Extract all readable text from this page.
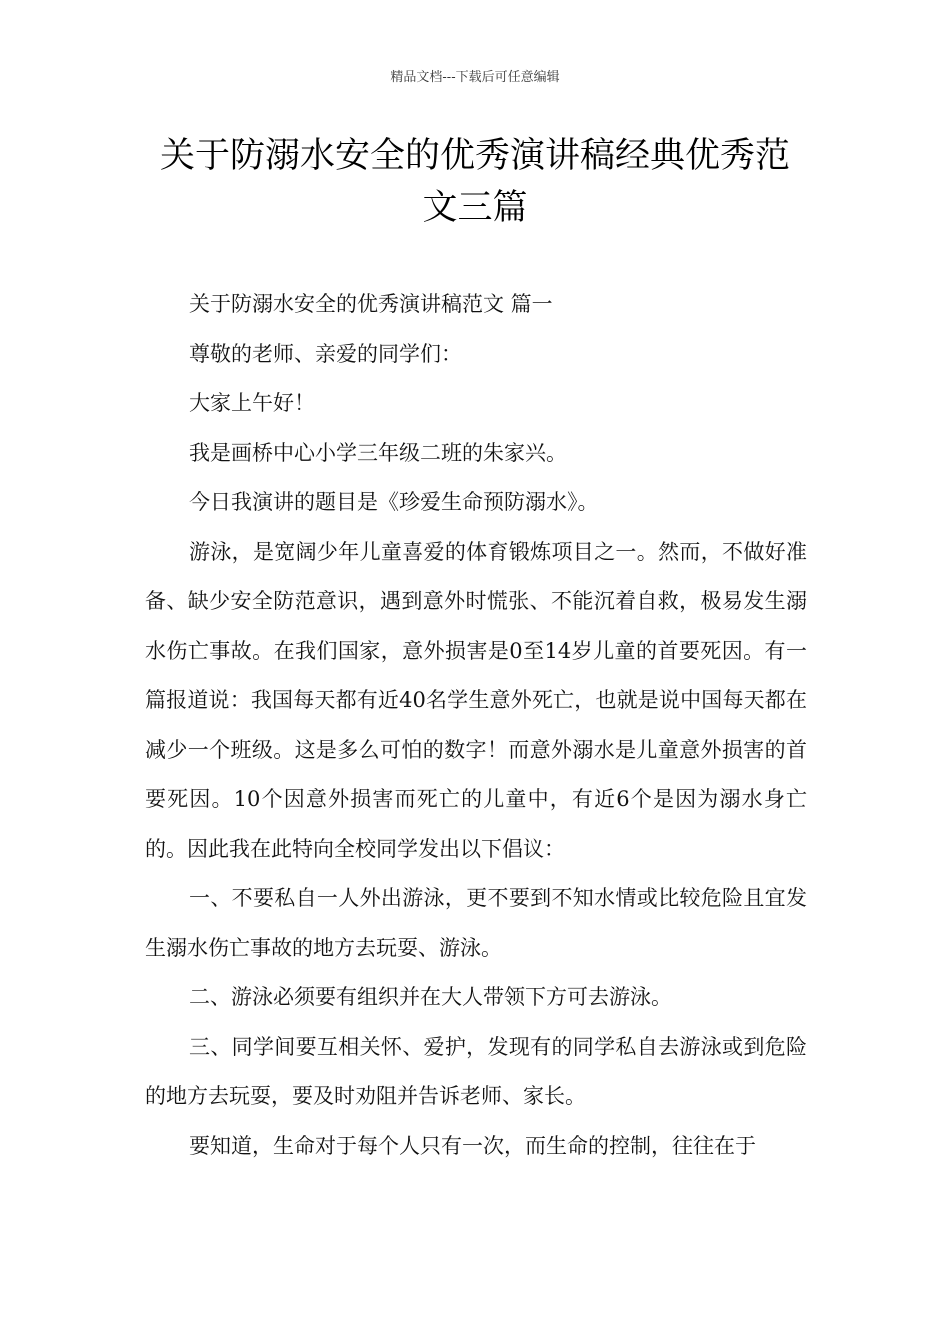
精品文档---下载后可任意编辑
关于防溺水安全的优秀演讲稿经典优秀范文三篇

关于防溺水安全的优秀演讲稿范文 篇一

尊敬的老师、亲爱的同学们：

大家上午好！

我是画桥中心小学三年级二班的朱家兴。

今日我演讲的题目是《珍爱生命预防溺水》。

游泳，是宽阔少年儿童喜爱的体育锻炼项目之一。然而，不做好准备、缺少安全防范意识，遇到意外时慌张、不能沉着自救，极易发生溺水伤亡事故。在我们国家，意外损害是0至14岁儿童的首要死因。有一篇报道说：我国每天都有近40名学生意外死亡，也就是说中国每天都在减少一个班级。这是多么可怕的数字！而意外溺水是儿童意外损害的首要死因。10个因意外损害而死亡的儿童中，有近6个是因为溺水身亡的。因此我在此特向全校同学发出以下倡议：

一、不要私自一人外出游泳，更不要到不知水情或比较危险且宜发生溺水伤亡事故的地方去玩耍、游泳。

二、游泳必须要有组织并在大人带领下方可去游泳。

三、同学间要互相关怀、爱护，发现有的同学私自去游泳或到危险的地方去玩耍，要及时劝阻并告诉老师、家长。

要知道，生命对于每个人只有一次，而生命的控制，往往在于
